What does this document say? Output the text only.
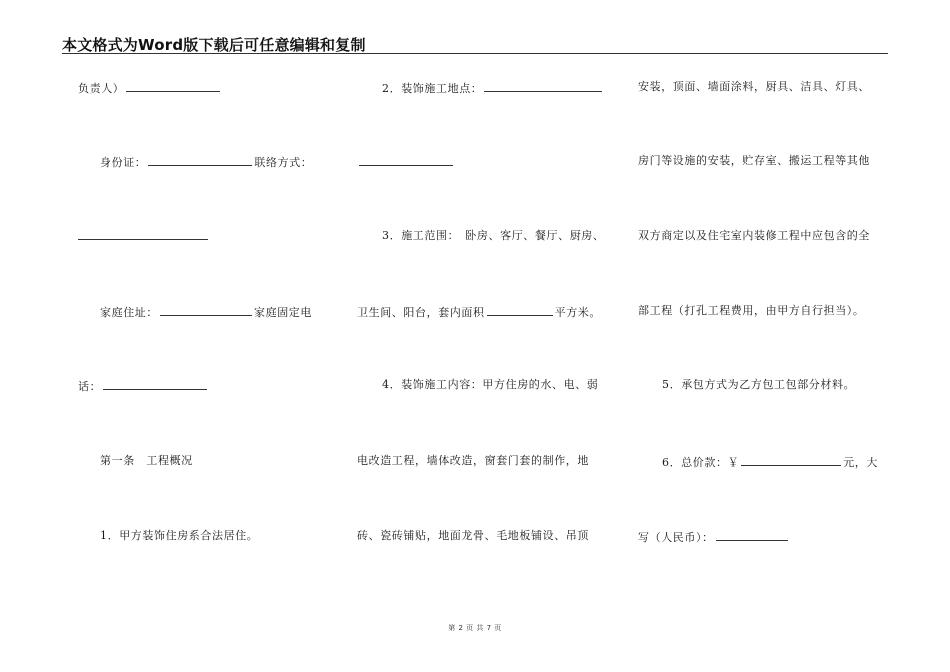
本文格式为Word版下载后可任意编辑和复制
负责人）
身份证：	联络方式：
家庭住址：	家庭固定电
话：
第一条　工程概况
1．甲方装饰住房系合法居住。
2．装饰施工地点：
3．施工范围：　卧房、客厅、餐厅、厨房、
卫生间、阳台，套内面积	平方米。
4．装饰施工内容：甲方住房的水、电、弱
电改造工程，墙体改造，窗套门套的制作，地
砖、瓷砖铺贴，地面龙骨、毛地板铺设、吊顶
安装，顶面、墙面涂料，厨具、洁具、灯具、
房门等设施的安装，贮存室、搬运工程等其他
双方商定以及住宅室内装修工程中应包含的全
部工程（打孔工程费用，由甲方自行担当）。
5．承包方式为乙方包工包部分材料。
6．总价款：￥	元，大
写（人民币）：
第 2 页 共 7 页
